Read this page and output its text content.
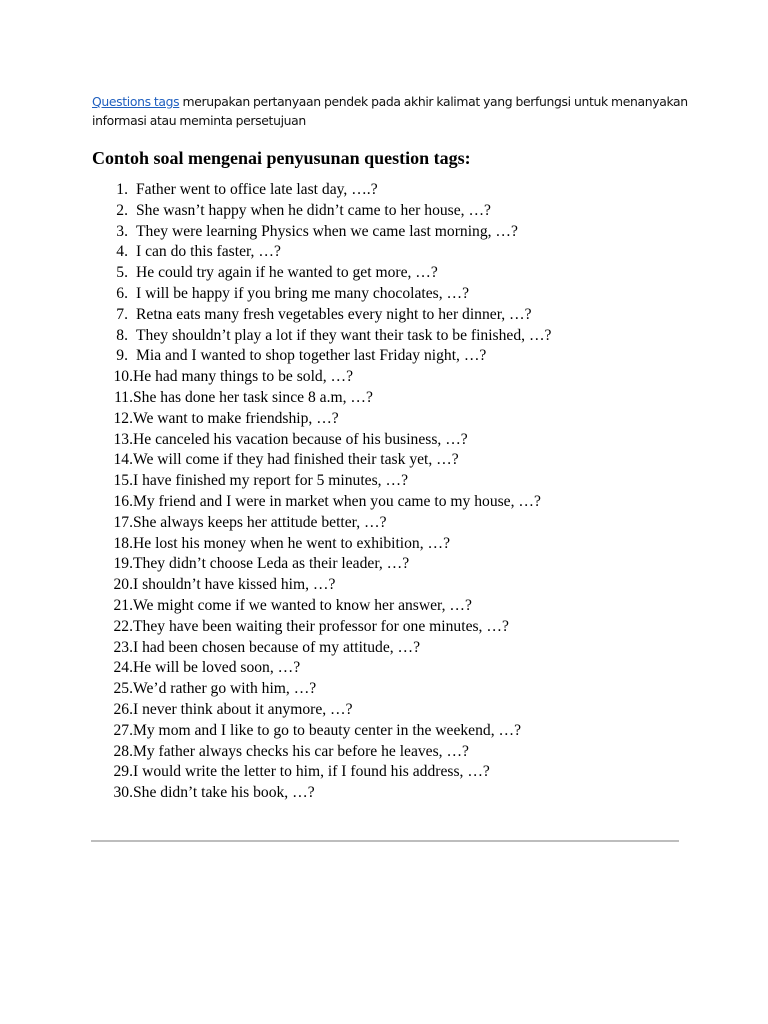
Questions tags merupakan pertanyaan pendek pada akhir kalimat yang berfungsi untuk menanyakan informasi atau meminta persetujuan

Contoh soal mengenai penyusunan question tags:
1. Father went to office late last day, ….?
2. She wasn’t happy when he didn’t came to her house, …?
3. They were learning Physics when we came last morning, …?
4. I can do this faster, …?
5. He could try again if he wanted to get more, …?
6. I will be happy if you bring me many chocolates, …?
7. Retna eats many fresh vegetables every night to her dinner, …?
8. They shouldn’t play a lot if they want their task to be finished, …?
9. Mia and I wanted to shop together last Friday night, …?
10. He had many things to be sold, …?
11. She has done her task since 8 a.m, …?
12. We want to make friendship, …?
13. He canceled his vacation because of his business, …?
14. We will come if they had finished their task yet, …?
15. I have finished my report for 5 minutes, …?
16. My friend and I were in market when you came to my house, …?
17. She always keeps her attitude better, …?
18. He lost his money when he went to exhibition, …?
19. They didn’t choose Leda as their leader, …?
20. I shouldn’t have kissed him, …?
21. We might come if we wanted to know her answer, …?
22. They have been waiting their professor for one minutes, …?
23. I had been chosen because of my attitude, …?
24. He will be loved soon, …?
25. We’d rather go with him, …?
26. I never think about it anymore, …?
27. My mom and I like to go to beauty center in the weekend, …?
28. My father always checks his car before he leaves, …?
29. I would write the letter to him, if I found his address, …?
30. She didn’t take his book, …?
